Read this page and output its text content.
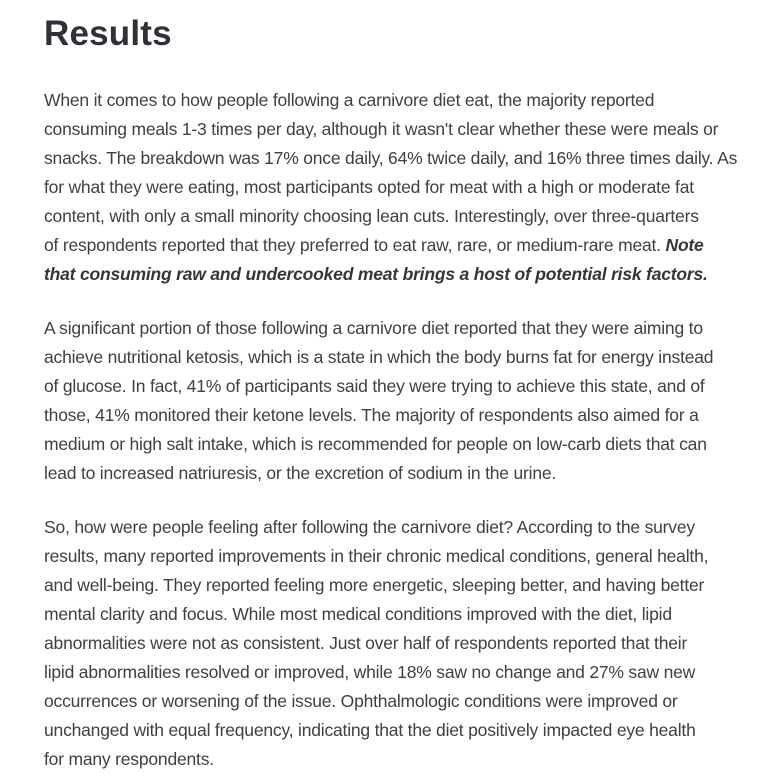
Results
When it comes to how people following a carnivore diet eat, the majority reported
consuming meals 1-3 times per day, although it wasn't clear whether these were meals or
snacks. The breakdown was 17% once daily, 64% twice daily, and 16% three times daily. As
for what they were eating, most participants opted for meat with a high or moderate fat
content, with only a small minority choosing lean cuts. Interestingly, over three-quarters
of respondents reported that they preferred to eat raw, rare, or medium-rare meat. Note
that consuming raw and undercooked meat brings a host of potential risk factors.
A significant portion of those following a carnivore diet reported that they were aiming to
achieve nutritional ketosis, which is a state in which the body burns fat for energy instead
of glucose. In fact, 41% of participants said they were trying to achieve this state, and of
those, 41% monitored their ketone levels. The majority of respondents also aimed for a
medium or high salt intake, which is recommended for people on low-carb diets that can
lead to increased natriuresis, or the excretion of sodium in the urine.
So, how were people feeling after following the carnivore diet? According to the survey
results, many reported improvements in their chronic medical conditions, general health,
and well-being. They reported feeling more energetic, sleeping better, and having better
mental clarity and focus. While most medical conditions improved with the diet, lipid
abnormalities were not as consistent. Just over half of respondents reported that their
lipid abnormalities resolved or improved, while 18% saw no change and 27% saw new
occurrences or worsening of the issue. Ophthalmologic conditions were improved or
unchanged with equal frequency, indicating that the diet positively impacted eye health
for many respondents.
